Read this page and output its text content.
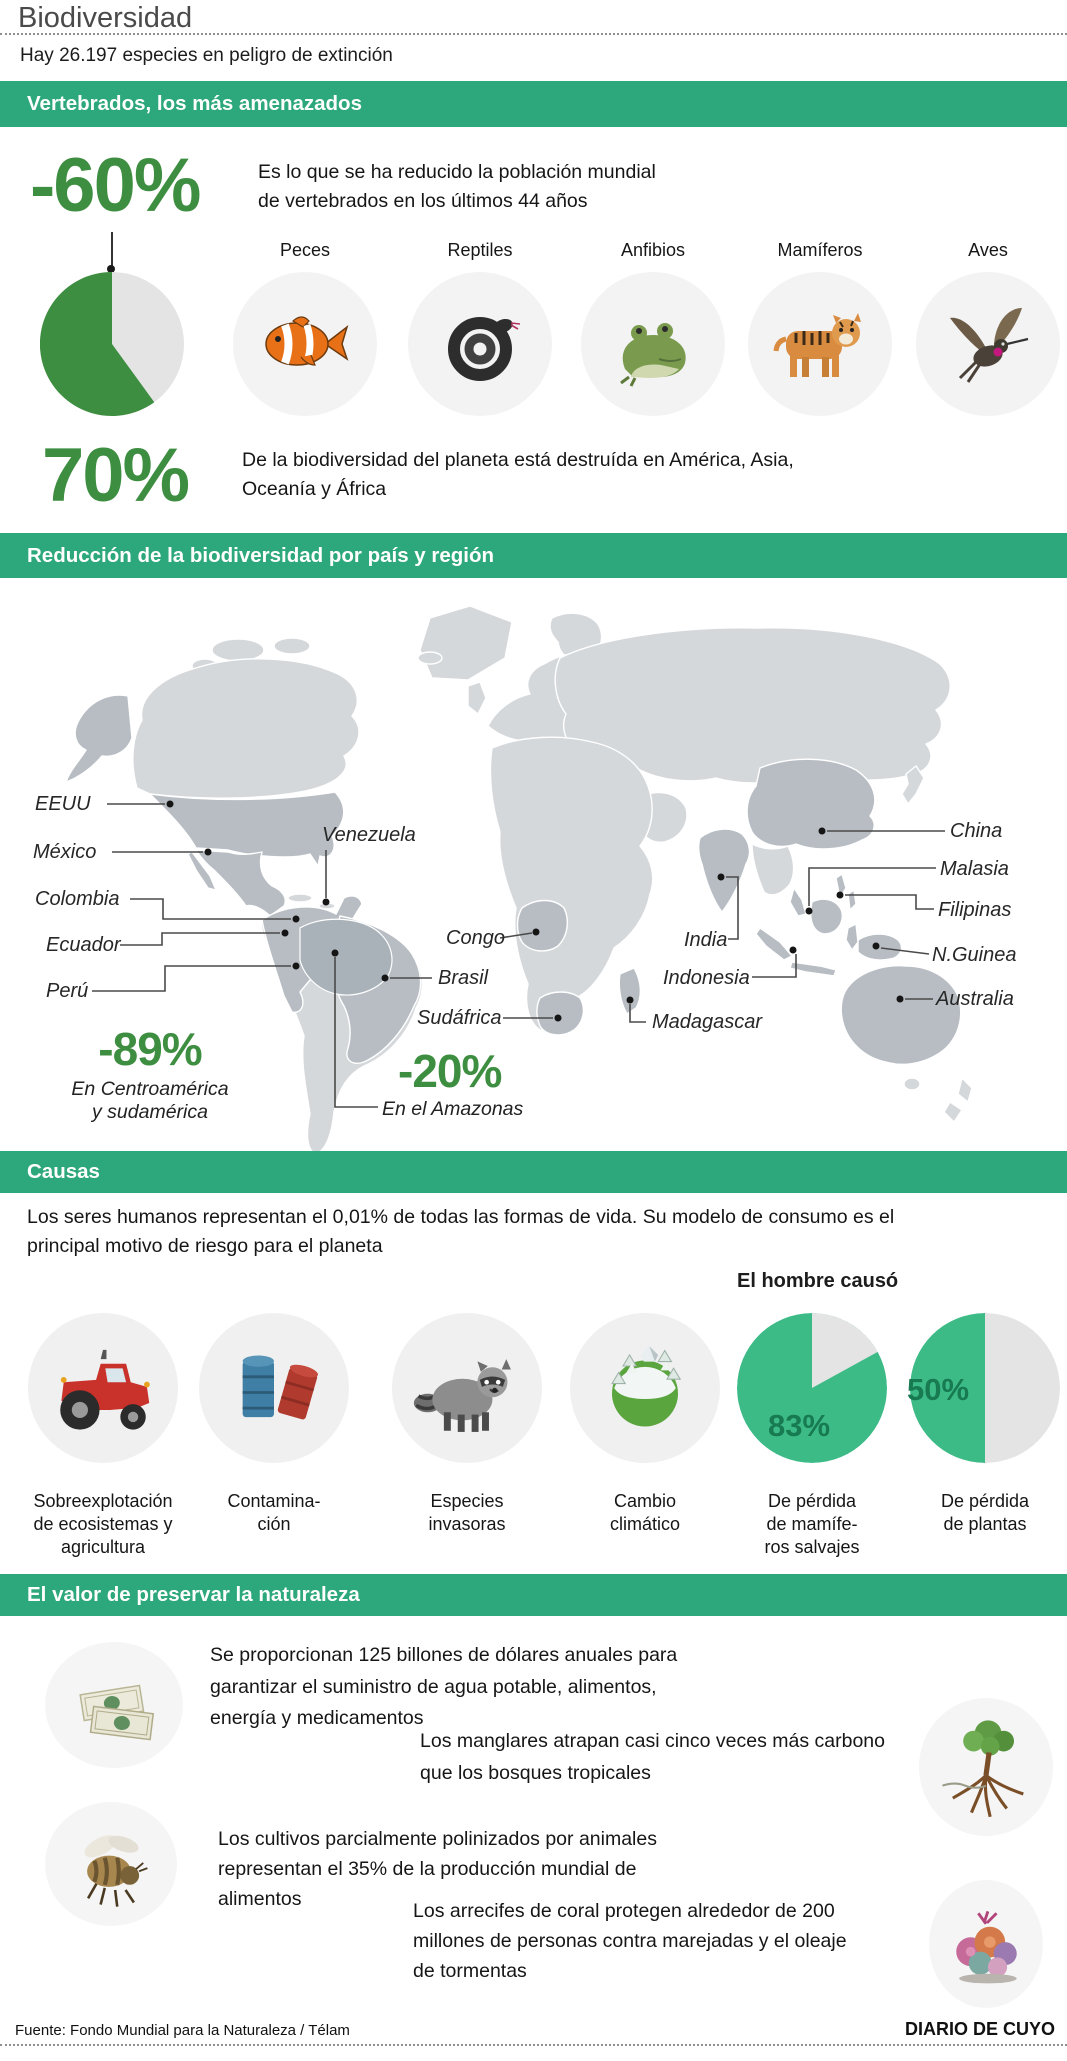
Biodiversidad
Hay 26.197 especies en peligro de extinción
Vertebrados, los más amenazados
-60%	Es lo que se ha reducido la población mundial
de vertebrados en los últimos 44 años
Peces	Reptiles	Anfibios	Mamíferos	Aves
70%	De la biodiversidad del planeta está destruída en América, Asia,
Oceanía y África
Reducción de la biodiversidad por país y región
EEUU
México
Colombia
Ecuador
Perú
Venezuela
Congo
Brasil
Sudáfrica	Madagascar
India
Indonesia
China
Malasia
Filipinas
N.Guinea
Australia
-89%
En Centroamérica
y sudamérica
-20%
En el Amazonas
Causas
Los seres humanos representan el 0,01% de todas las formas de vida. Su modelo de consumo es el
principal motivo de riesgo para el planeta
El hombre causó
83%
50%
Sobreexplotación
de ecosistemas y
agricultura
Contamina-
ción
Especies
invasoras
Cambio
climático
De pérdida
de mamífe-
ros salvajes
De pérdida
de plantas
El valor de preservar la naturaleza
Se proporcionan 125 billones de dólares anuales para
garantizar el suministro de agua potable, alimentos,
energía y medicamentos
Los manglares atrapan casi cinco veces más carbono
que los bosques tropicales
Los cultivos parcialmente polinizados por animales
representan el 35% de la producción mundial de
alimentos
Los arrecifes de coral protegen alrededor de 200
millones de personas contra marejadas y el oleaje
de tormentas
Fuente: Fondo Mundial para la Naturaleza / Télam	DIARIO DE CUYO
